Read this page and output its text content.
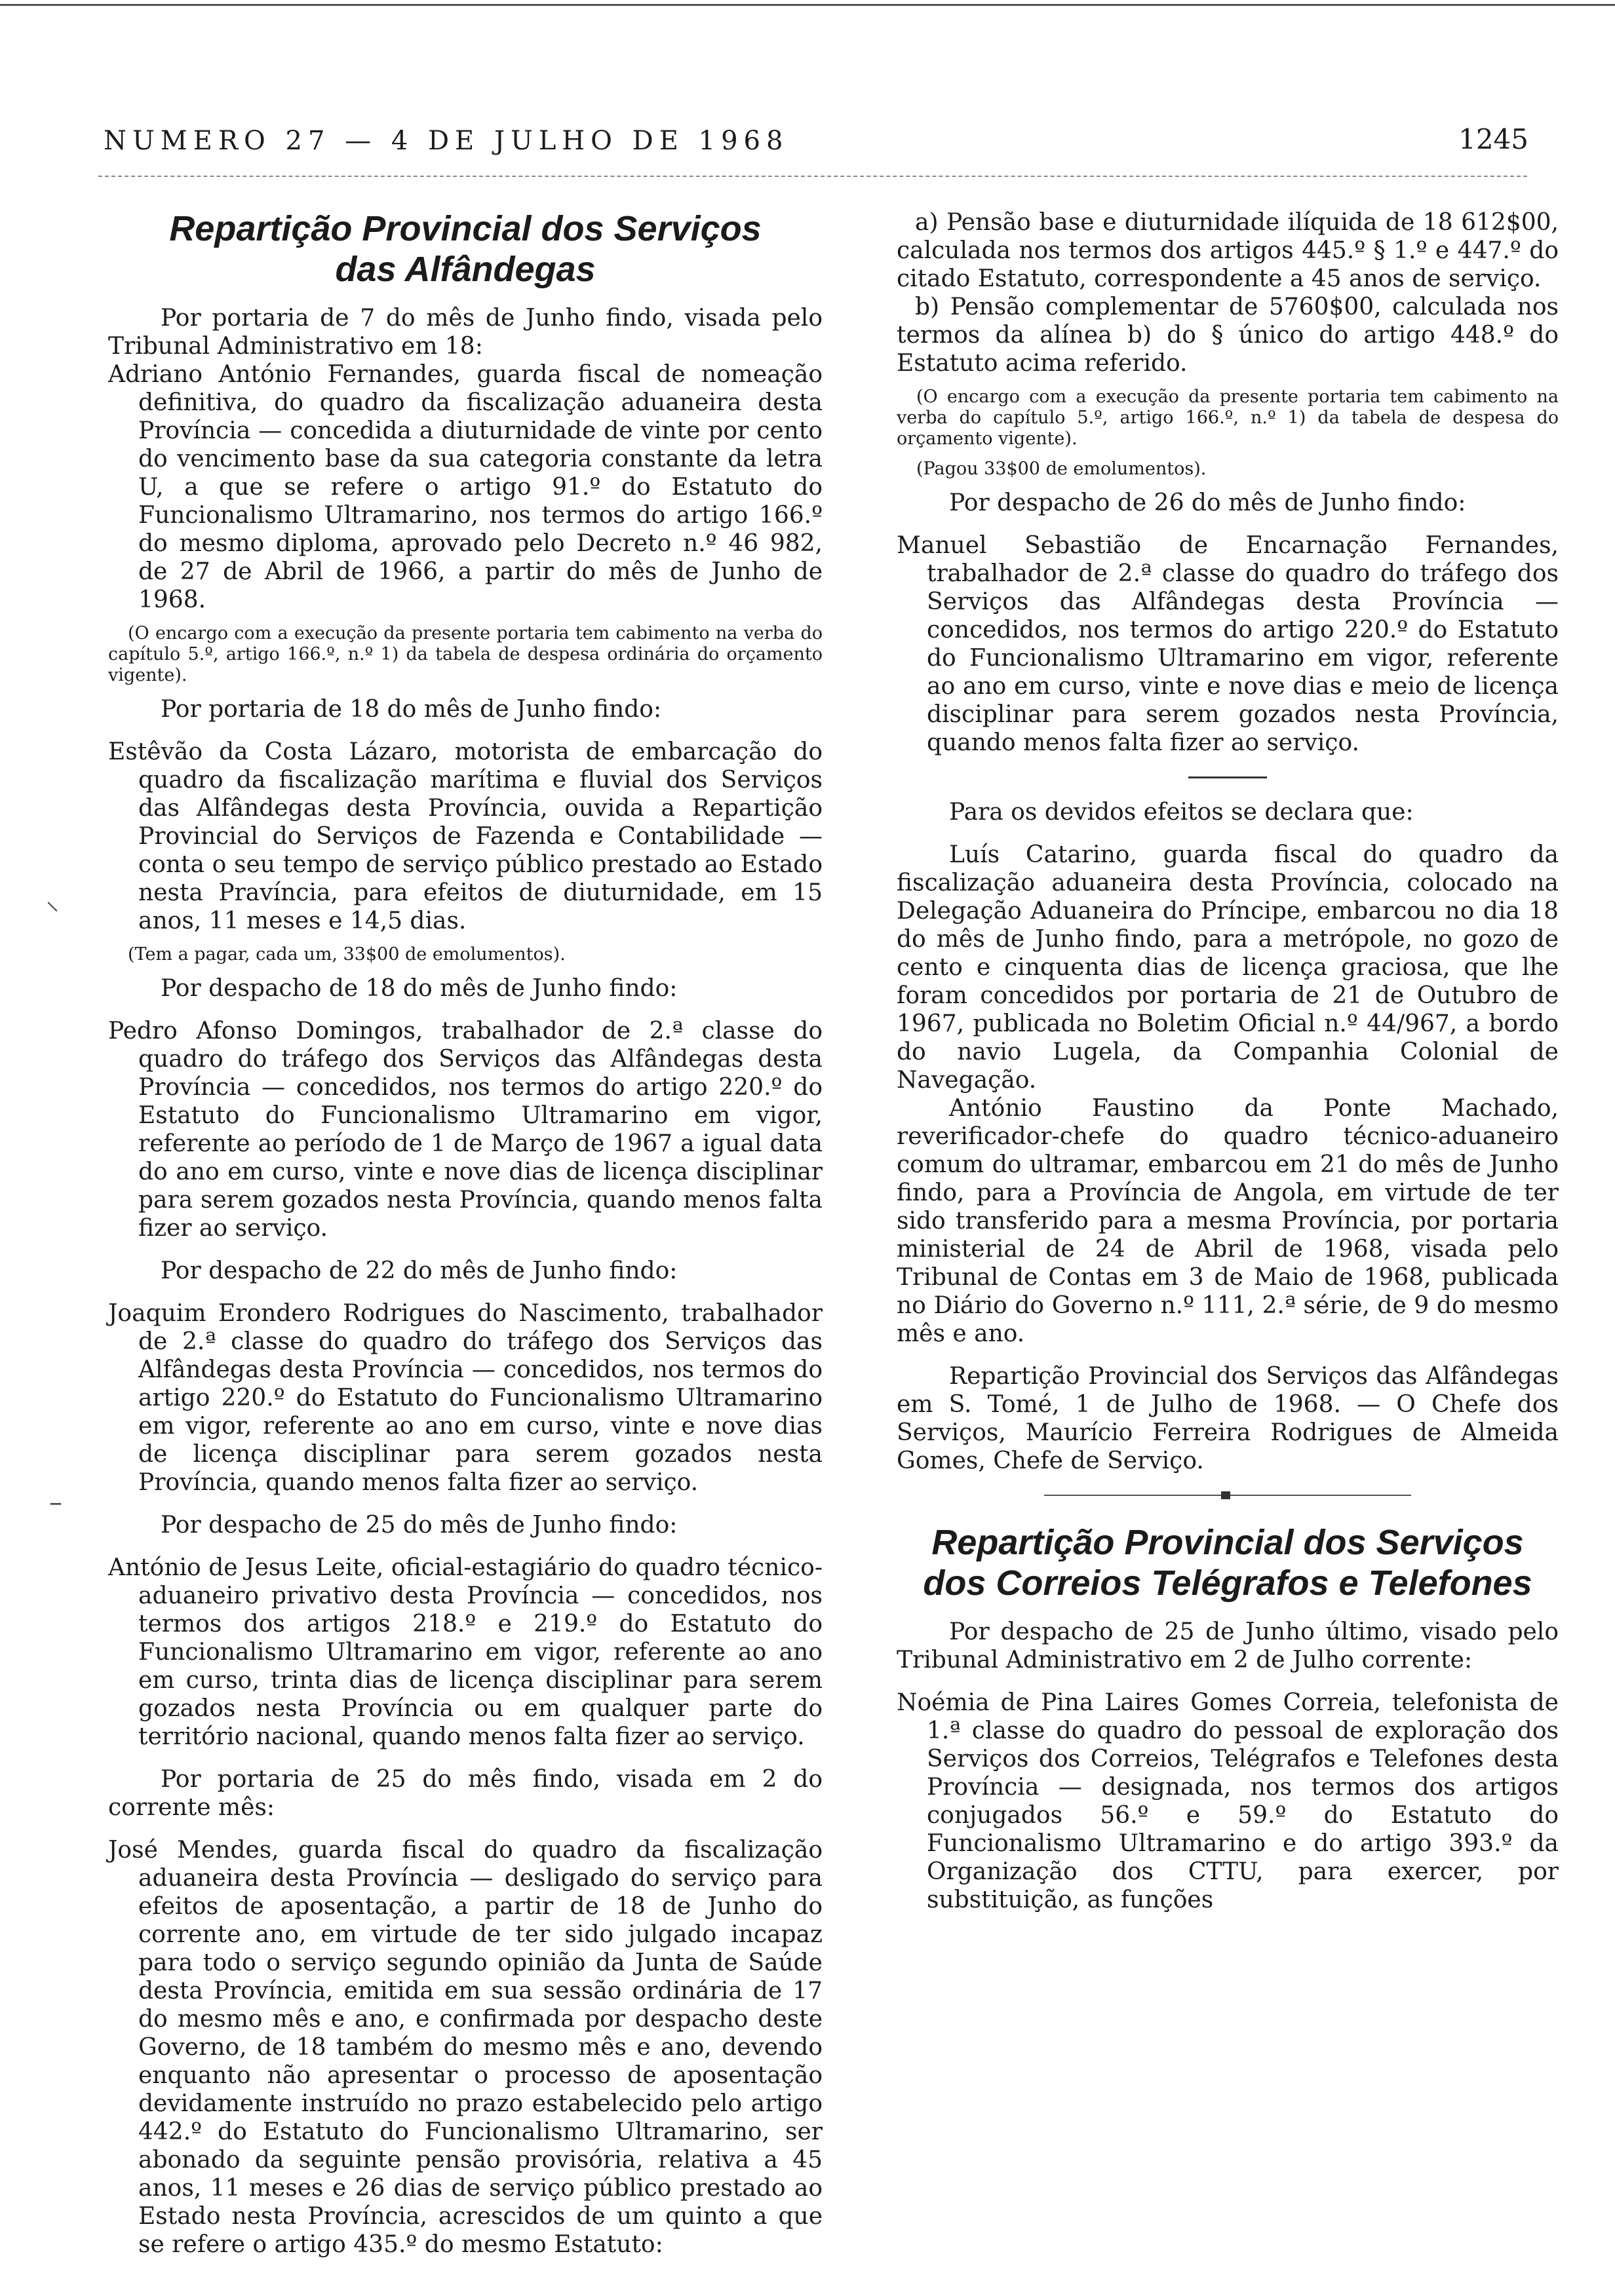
NUMERO 27 — 4 DE JULHO DE 1968	1245
⸜
–
Repartição Provincial dos Serviços
das Alfândegas

Por portaria de 7 do mês de Junho findo, visada pelo Tribunal Administrativo em 18:

Adriano António Fernandes, guarda fiscal de nomeação definitiva, do quadro da fiscalização aduaneira desta Província — concedida a diuturnidade de vinte por cento do vencimento base da sua categoria constante da letra U, a que se refere o artigo 91.º do Estatuto do Funcionalismo Ultramarino, nos termos do artigo 166.º do mesmo diploma, aprovado pelo Decreto n.º 46 982, de 27 de Abril de 1966, a partir do mês de Junho de 1968.

(O encargo com a execução da presente portaria tem cabimento na verba do capítulo 5.º, artigo 166.º, n.º 1) da tabela de despesa ordinária do orçamento vigente).

Por portaria de 18 do mês de Junho findo:

Estêvão da Costa Lázaro, motorista de embarcação do quadro da fiscalização marítima e fluvial dos Serviços das Alfândegas desta Província, ouvida a Repartição Provincial do Serviços de Fazenda e Contabilidade — conta o seu tempo de serviço público prestado ao Estado nesta Pravíncia, para efeitos de diuturnidade, em 15 anos, 11 meses e 14,5 dias.

(Tem a pagar, cada um, 33$00 de emolumentos).

Por despacho de 18 do mês de Junho findo:

Pedro Afonso Domingos, trabalhador de 2.ª classe do quadro do tráfego dos Serviços das Alfândegas desta Província — concedidos, nos termos do artigo 220.º do Estatuto do Funcionalismo Ultramarino em vigor, referente ao período de 1 de Março de 1967 a igual data do ano em curso, vinte e nove dias de licença disciplinar para serem gozados nesta Província, quando menos falta fizer ao serviço.

Por despacho de 22 do mês de Junho findo:

Joaquim Erondero Rodrigues do Nascimento, trabalhador de 2.ª classe do quadro do tráfego dos Serviços das Alfândegas desta Província — concedidos, nos termos do artigo 220.º do Estatuto do Funcionalismo Ultramarino em vigor, referente ao ano em curso, vinte e nove dias de licença disciplinar para serem gozados nesta Província, quando menos falta fizer ao serviço.

Por despacho de 25 do mês de Junho findo:

António de Jesus Leite, oficial-estagiário do quadro técnico-aduaneiro privativo desta Província — concedidos, nos termos dos artigos 218.º e 219.º do Estatuto do Funcionalismo Ultramarino em vigor, referente ao ano em curso, trinta dias de licença disciplinar para serem gozados nesta Província ou em qualquer parte do território nacional, quando menos falta fizer ao serviço.

Por portaria de 25 do mês findo, visada em 2 do corrente mês:

José Mendes, guarda fiscal do quadro da fiscalização aduaneira desta Província — desligado do serviço para efeitos de aposentação, a partir de 18 de Junho do corrente ano, em virtude de ter sido julgado incapaz para todo o serviço segundo opinião da Junta de Saúde desta Província, emitida em sua sessão ordinária de 17 do mesmo mês e ano, e confirmada por despacho deste Governo, de 18 também do mesmo mês e ano, devendo enquanto não apresentar o processo de aposentação devidamente instruído no prazo estabelecido pelo artigo 442.º do Estatuto do Funcionalismo Ultramarino, ser abonado da seguinte pensão provisória, relativa a 45 anos, 11 meses e 26 dias de serviço público prestado ao Estado nesta Província, acrescidos de um quinto a que se refere o artigo 435.º do mesmo Estatuto:

a) Pensão base e diuturnidade ilíquida de 18 612$00, calculada nos termos dos artigos 445.º § 1.º e 447.º do citado Estatuto, correspondente a 45 anos de serviço.

b) Pensão complementar de 5760$00, calculada nos termos da alínea b) do § único do artigo 448.º do Estatuto acima referido.

(O encargo com a execução da presente portaria tem cabimento na verba do capítulo 5.º, artigo 166.º, n.º 1) da tabela de despesa do orçamento vigente).

(Pagou 33$00 de emolumentos).

Por despacho de 26 do mês de Junho findo:

Manuel Sebastião de Encarnação Fernandes, trabalhador de 2.ª classe do quadro do tráfego dos Serviços das Alfândegas desta Província — concedidos, nos termos do artigo 220.º do Estatuto do Funcionalismo Ultramarino em vigor, referente ao ano em curso, vinte e nove dias e meio de licença disciplinar para serem gozados nesta Província, quando menos falta fizer ao serviço.

Para os devidos efeitos se declara que:

Luís Catarino, guarda fiscal do quadro da fiscalização aduaneira desta Província, colocado na Delegação Aduaneira do Príncipe, embarcou no dia 18 do mês de Junho findo, para a metrópole, no gozo de cento e cinquenta dias de licença graciosa, que lhe foram concedidos por portaria de 21 de Outubro de 1967, publicada no Boletim Oficial n.º 44/967, a bordo do navio Lugela, da Companhia Colonial de Navegação.

António Faustino da Ponte Machado, reverificador-chefe do quadro técnico-aduaneiro comum do ultramar, embarcou em 21 do mês de Junho findo, para a Província de Angola, em virtude de ter sido transferido para a mesma Província, por portaria ministerial de 24 de Abril de 1968, visada pelo Tribunal de Contas em 3 de Maio de 1968, publicada no Diário do Governo n.º 111, 2.ª série, de 9 do mesmo mês e ano.

Repartição Provincial dos Serviços das Alfândegas em S. Tomé, 1 de Julho de 1968. — O Chefe dos Serviços, Maurício Ferreira Rodrigues de Almeida Gomes, Chefe de Serviço.

Repartição Provincial dos Serviços
dos Correios Telégrafos e Telefones

Por despacho de 25 de Junho último, visado pelo Tribunal Administrativo em 2 de Julho corrente:

Noémia de Pina Laires Gomes Correia, telefonista de 1.ª classe do quadro do pessoal de exploração dos Serviços dos Correios, Telégrafos e Telefones desta Província — designada, nos termos dos artigos conjugados 56.º e 59.º do Estatuto do Funcionalismo Ultramarino e do artigo 393.º da Organização dos CTTU, para exercer, por substituição, as funções
